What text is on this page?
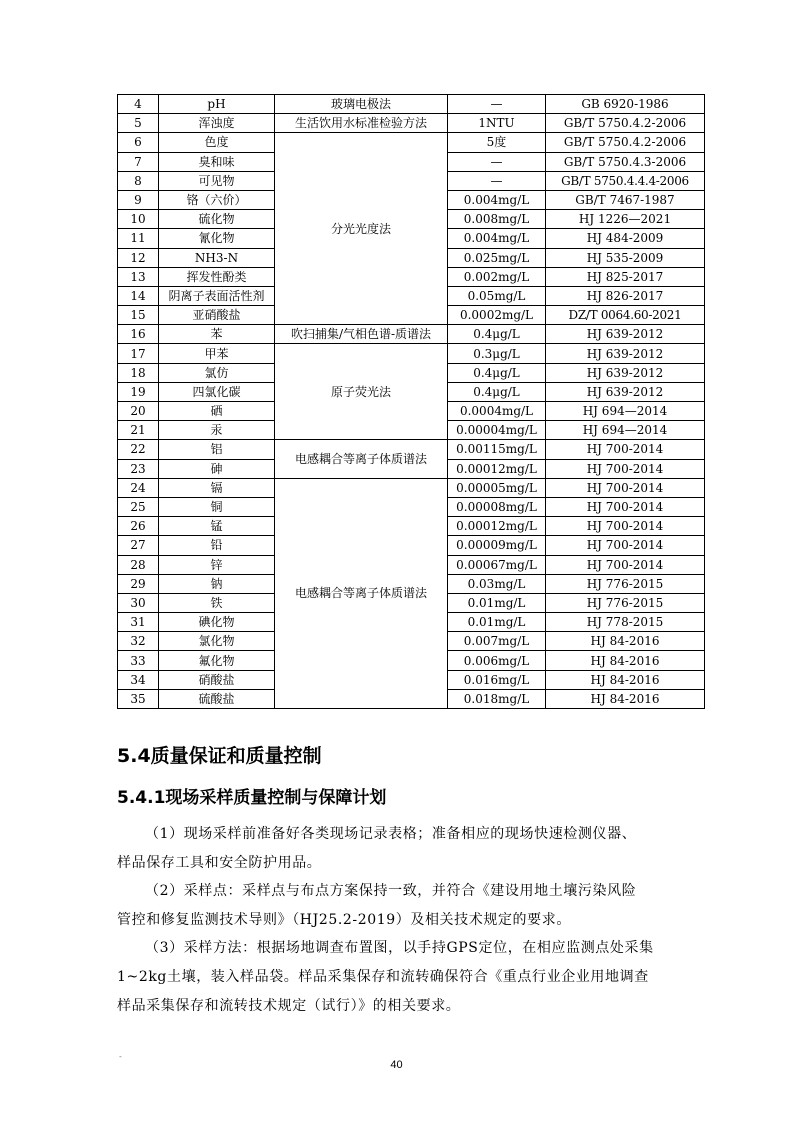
4	pH	玻璃电极法	—	GB 6920-1986
5	浑浊度	生活饮用水标准检验方法	1NTU	GB/T 5750.4.2-2006
6	色度	分光光度法	5度	GB/T 5750.4.2-2006
7	臭和味		—	GB/T 5750.4.3-2006
8	可见物		—	GB/T 5750.4.4.4-2006
9	铬（六价）		0.004mg/L	GB/T 7467-1987
10	硫化物		0.008mg/L	HJ 1226—2021
11	氰化物		0.004mg/L	HJ 484-2009
12	NH3-N		0.025mg/L	HJ 535-2009
13	挥发性酚类		0.002mg/L	HJ 825-2017
14	阴离子表面活性剂		0.05mg/L	HJ 826-2017
15	亚硝酸盐		0.0002mg/L	DZ/T 0064.60-2021
16	苯	吹扫捕集/气相色谱-质谱法	0.4μg/L	HJ 639-2012
17	甲苯	原子荧光法	0.3μg/L	HJ 639-2012
18	氯仿		0.4μg/L	HJ 639-2012
19	四氯化碳		0.4μg/L	HJ 639-2012
20	硒		0.0004mg/L	HJ 694—2014
21	汞		0.00004mg/L	HJ 694—2014
22	铝	电感耦合等离子体质谱法	0.00115mg/L	HJ 700-2014
23	砷		0.00012mg/L	HJ 700-2014
24	镉	电感耦合等离子体质谱法	0.00005mg/L	HJ 700-2014
25	铜		0.00008mg/L	HJ 700-2014
26	锰		0.00012mg/L	HJ 700-2014
27	铅		0.00009mg/L	HJ 700-2014
28	锌		0.00067mg/L	HJ 700-2014
29	钠		0.03mg/L	HJ 776-2015
30	铁		0.01mg/L	HJ 776-2015
31	碘化物		0.01mg/L	HJ 778-2015
32	氯化物		0.007mg/L	HJ 84-2016
33	氟化物		0.006mg/L	HJ 84-2016
34	硝酸盐		0.016mg/L	HJ 84-2016
35	硫酸盐		0.018mg/L	HJ 84-2016
5.4质量保证和质量控制
5.4.1现场采样质量控制与保障计划
（1）现场采样前准备好各类现场记录表格；准备相应的现场快速检测仪器、
样品保存工具和安全防护用品。
（2）采样点：采样点与布点方案保持一致，并符合《建设用地土壤污染风险
管控和修复监测技术导则》（HJ25.2-2019）及相关技术规定的要求。
（3）采样方法：根据场地调查布置图，以手持GPS定位，在相应监测点处采集
1~2kg土壤，装入样品袋。样品采集保存和流转确保符合《重点行业企业用地调查
样品采集保存和流转技术规定（试行）》的相关要求。
-
40
